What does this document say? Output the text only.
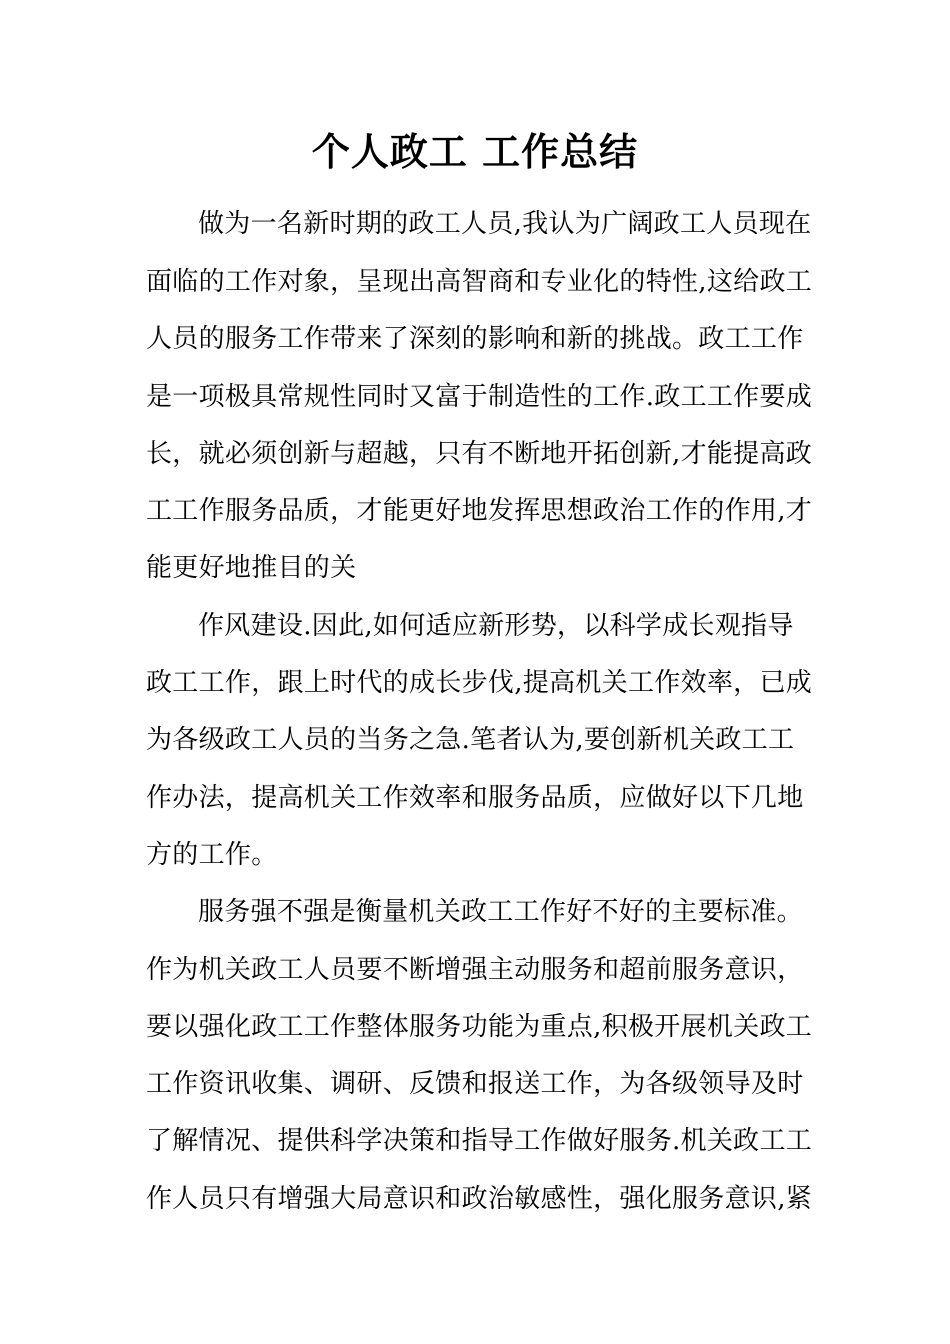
个人政工 工作总结
做为一名新时期的政工人员,我认为广阔政工人员现在
面临的工作对象，呈现出高智商和专业化的特性,这给政工
人员的服务工作带来了深刻的影响和新的挑战。政工工作
是一项极具常规性同时又富于制造性的工作.政工工作要成
长，就必须创新与超越，只有不断地开拓创新,才能提高政
工工作服务品质，才能更好地发挥思想政治工作的作用,才
能更好地推目的关
作风建设.因此,如何适应新形势，以科学成长观指导
政工工作，跟上时代的成长步伐,提高机关工作效率，已成
为各级政工人员的当务之急.笔者认为,要创新机关政工工
作办法，提高机关工作效率和服务品质，应做好以下几地
方的工作。
服务强不强是衡量机关政工工作好不好的主要标准。
作为机关政工人员要不断增强主动服务和超前服务意识，
要以强化政工工作整体服务功能为重点,积极开展机关政工
工作资讯收集、调研、反馈和报送工作，为各级领导及时
了解情况、提供科学决策和指导工作做好服务.机关政工工
作人员只有增强大局意识和政治敏感性，强化服务意识,紧
